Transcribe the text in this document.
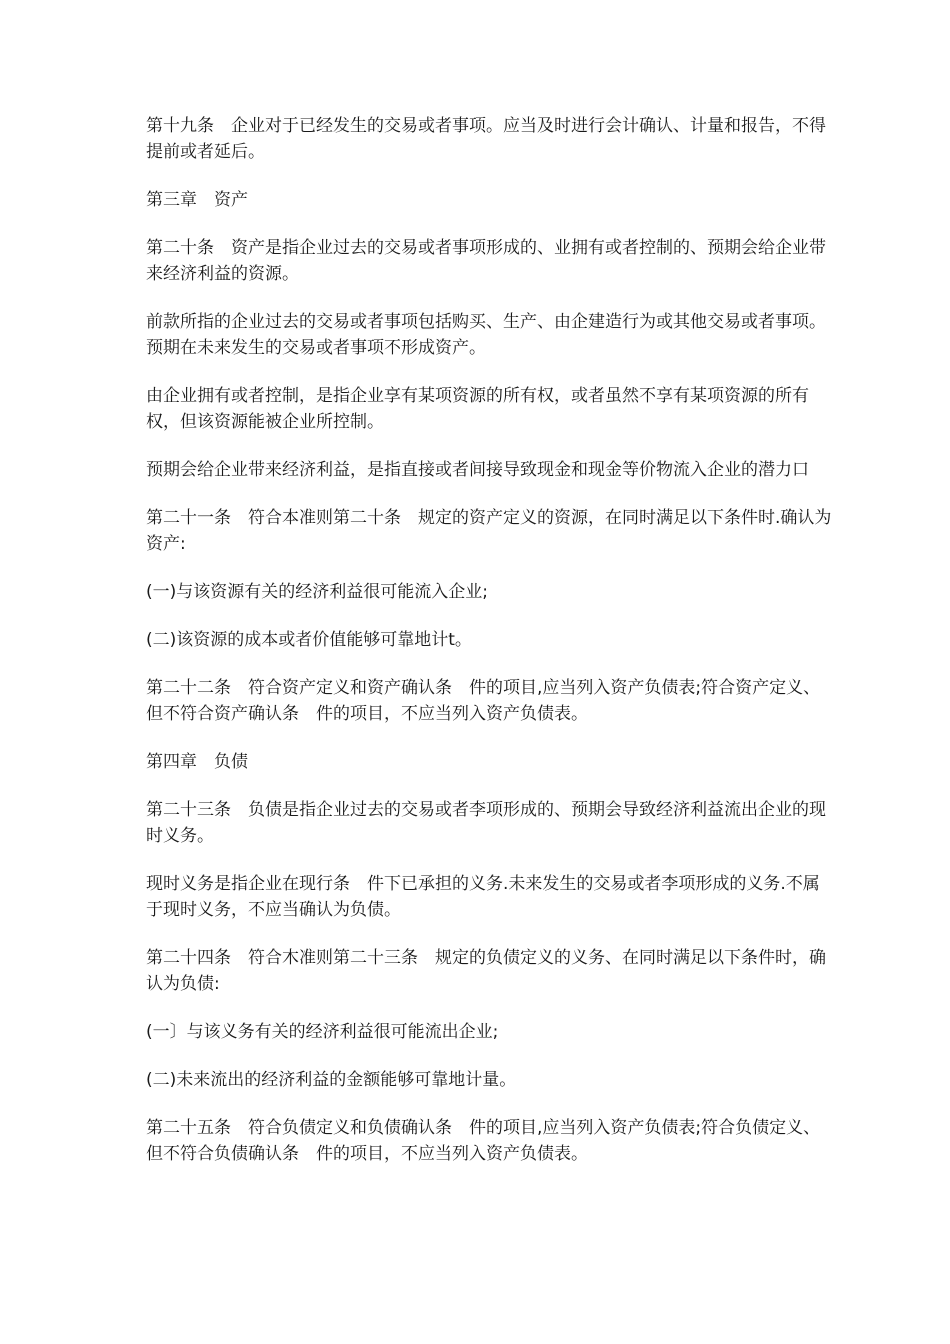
第十九条　企业对于已经发生的交易或者事项。应当及时进行会计确认、计量和报告，不得提前或者延后。

第三章　资产

第二十条　资产是指企业过去的交易或者事项形成的、业拥有或者控制的、预期会给企业带来经济利益的资源。

前款所指的企业过去的交易或者事项包括购买、生产、由企建造行为或其他交易或者事项。预期在未来发生的交易或者事项不形成资产。

由企业拥有或者控制，是指企业享有某项资源的所有权，或者虽然不享有某项资源的所有权，但该资源能被企业所控制。

预期会给企业带来经济利益，是指直接或者间接导致现金和现金等价物流入企业的潜力口

第二十一条　符合本准则第二十条　规定的资产定义的资源，在同时满足以下条件时.确认为资产:

(一)与该资源有关的经济利益很可能流入企业;

(二)该资源的成本或者价值能够可靠地计t。

第二十二条　符合资产定义和资产确认条　件的项目,应当列入资产负债表;符合资产定义、但不符合资产确认条　件的项目，不应当列入资产负债表。

第四章　负债

第二十三条　负债是指企业过去的交易或者李项形成的、预期会导致经济利益流出企业的现时义务。

现时义务是指企业在现行条　件下已承担的义务.未来发生的交易或者李项形成的义务.不属于现时义务，不应当确认为负债。

第二十四条　符合木准则第二十三条　规定的负债定义的义务、在同时满足以下条件时，确认为负债:

(一〕与该义务有关的经济利益很可能流出企业;

(二)未来流出的经济利益的金额能够可靠地计量。

第二十五条　符合负债定义和负债确认条　件的项目,应当列入资产负债表;符合负债定义、但不符合负债确认条　件的项目，不应当列入资产负债表。
